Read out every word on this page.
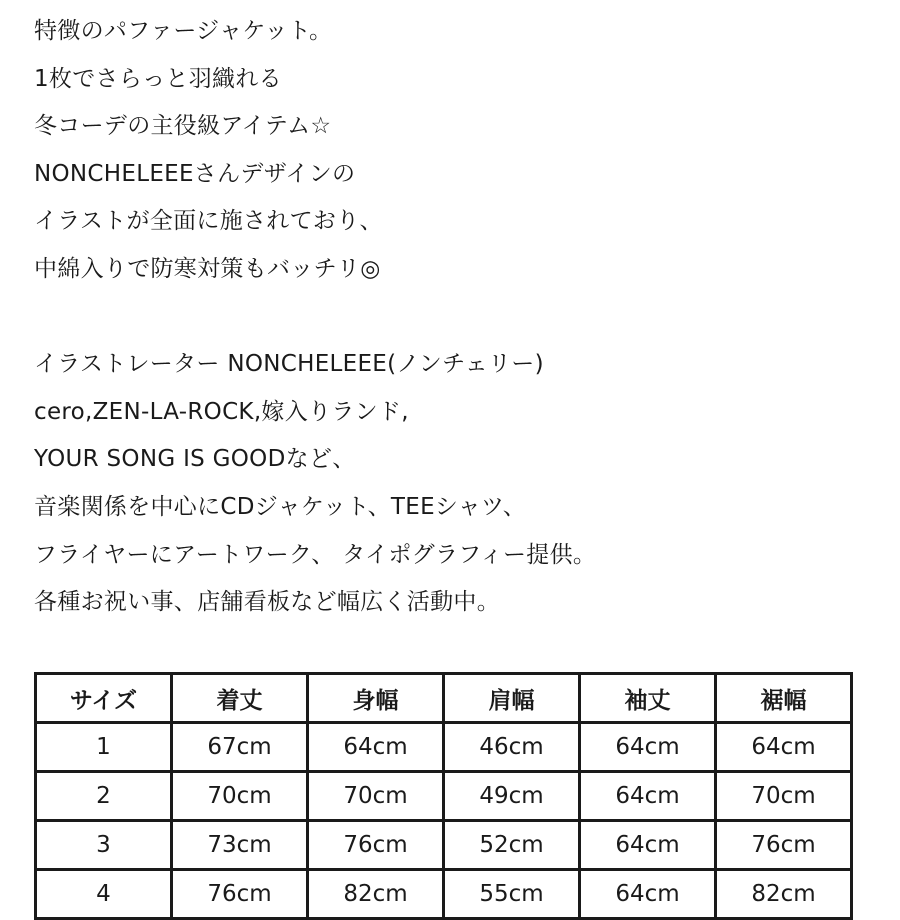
特徴のパファージャケット。
1枚でさらっと羽織れる
冬コーデの主役級アイテム☆
NONCHELEEEさんデザインの
イラストが全面に施されており、
中綿入りで防寒対策もバッチリ◎
イラストレーター NONCHELEEE(ノンチェリー)
cero,ZEN-LA-ROCK,嫁入りランド,
YOUR SONG IS GOODなど、
音楽関係を中心にCDジャケット、TEEシャツ、
フライヤーにアートワーク、 タイポグラフィー提供。
各種お祝い事、店舗看板など幅広く活動中。
サイズ	着丈	身幅	肩幅	袖丈	裾幅
1	67cm	64cm	46cm	64cm	64cm
2	70cm	70cm	49cm	64cm	70cm
3	73cm	76cm	52cm	64cm	76cm
4	76cm	82cm	55cm	64cm	82cm
